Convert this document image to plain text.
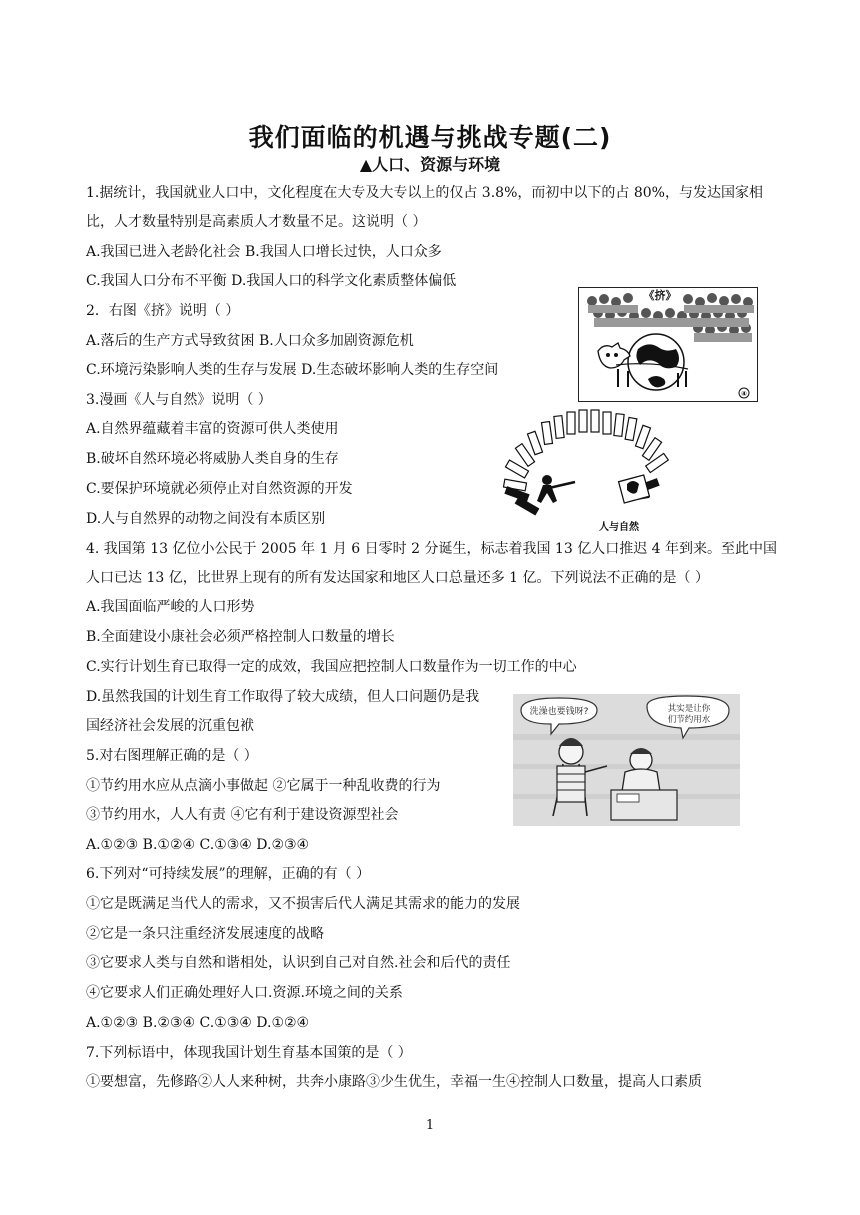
我们面临的机遇与挑战专题(二)
▲人口、资源与环境
1.据统计，我国就业人口中，文化程度在大专及大专以上的仅占 3.8%，而初中以下的占 80%，与发达国家相
比，人才数量特别是高素质人才数量不足。这说明（ ）
A.我国已进入老龄化社会 B.我国人口增长过快，人口众多
C.我国人口分布不平衡 D.我国人口的科学文化素质整体偏低
2．右图《挤》说明（ ）
A.落后的生产方式导致贫困 B.人口众多加剧资源危机
C.环境污染影响人类的生存与发展 D.生态破坏影响人类的生存空间
3.漫画《人与自然》说明（ ）
A.自然界蕴藏着丰富的资源可供人类使用
B.破坏自然环境必将威胁人类自身的生存
C.要保护环境就必须停止对自然资源的开发
D.人与自然界的动物之间没有本质区别
4. 我国第 13 亿位小公民于 2005 年 1 月 6 日零时 2 分诞生，标志着我国 13 亿人口推迟 4 年到来。至此中国
人口已达 13 亿，比世界上现有的所有发达国家和地区人口总量还多 1 亿。下列说法不正确的是（ ）
A.我国面临严峻的人口形势
B.全面建设小康社会必须严格控制人口数量的增长
C.实行计划生育已取得一定的成效，我国应把控制人口数量作为一切工作的中心
D.虽然我国的计划生育工作取得了较大成绩，但人口问题仍是我
国经济社会发展的沉重包袱
5.对右图理解正确的是（ ）
①节约用水应从点滴小事做起 ②它属于一种乱收费的行为
③节约用水，人人有责 ④它有利于建设资源型社会
A.①②③ B.①②④ C.①③④ D.②③④
6.下列对“可持续发展”的理解，正确的有（ ）
①它是既满足当代人的需求，又不损害后代人满足其需求的能力的发展
②它是一条只注重经济发展速度的战略
③它要求人类与自然和谐相处，认识到自己对自然.社会和后代的责任
④它要求人们正确处理好人口.资源.环境之间的关系
A.①②③ B.②③④ C.①③④ D.①②④
7.下列标语中，体现我国计划生育基本国策的是（ ）
①要想富，先修路②人人来种树，共奔小康路③少生优生，幸福一生④控制人口数量，提高人口素质
④
《挤》
人与自然
洗澡也要钱呀?	其实是让你们节约用水
1
